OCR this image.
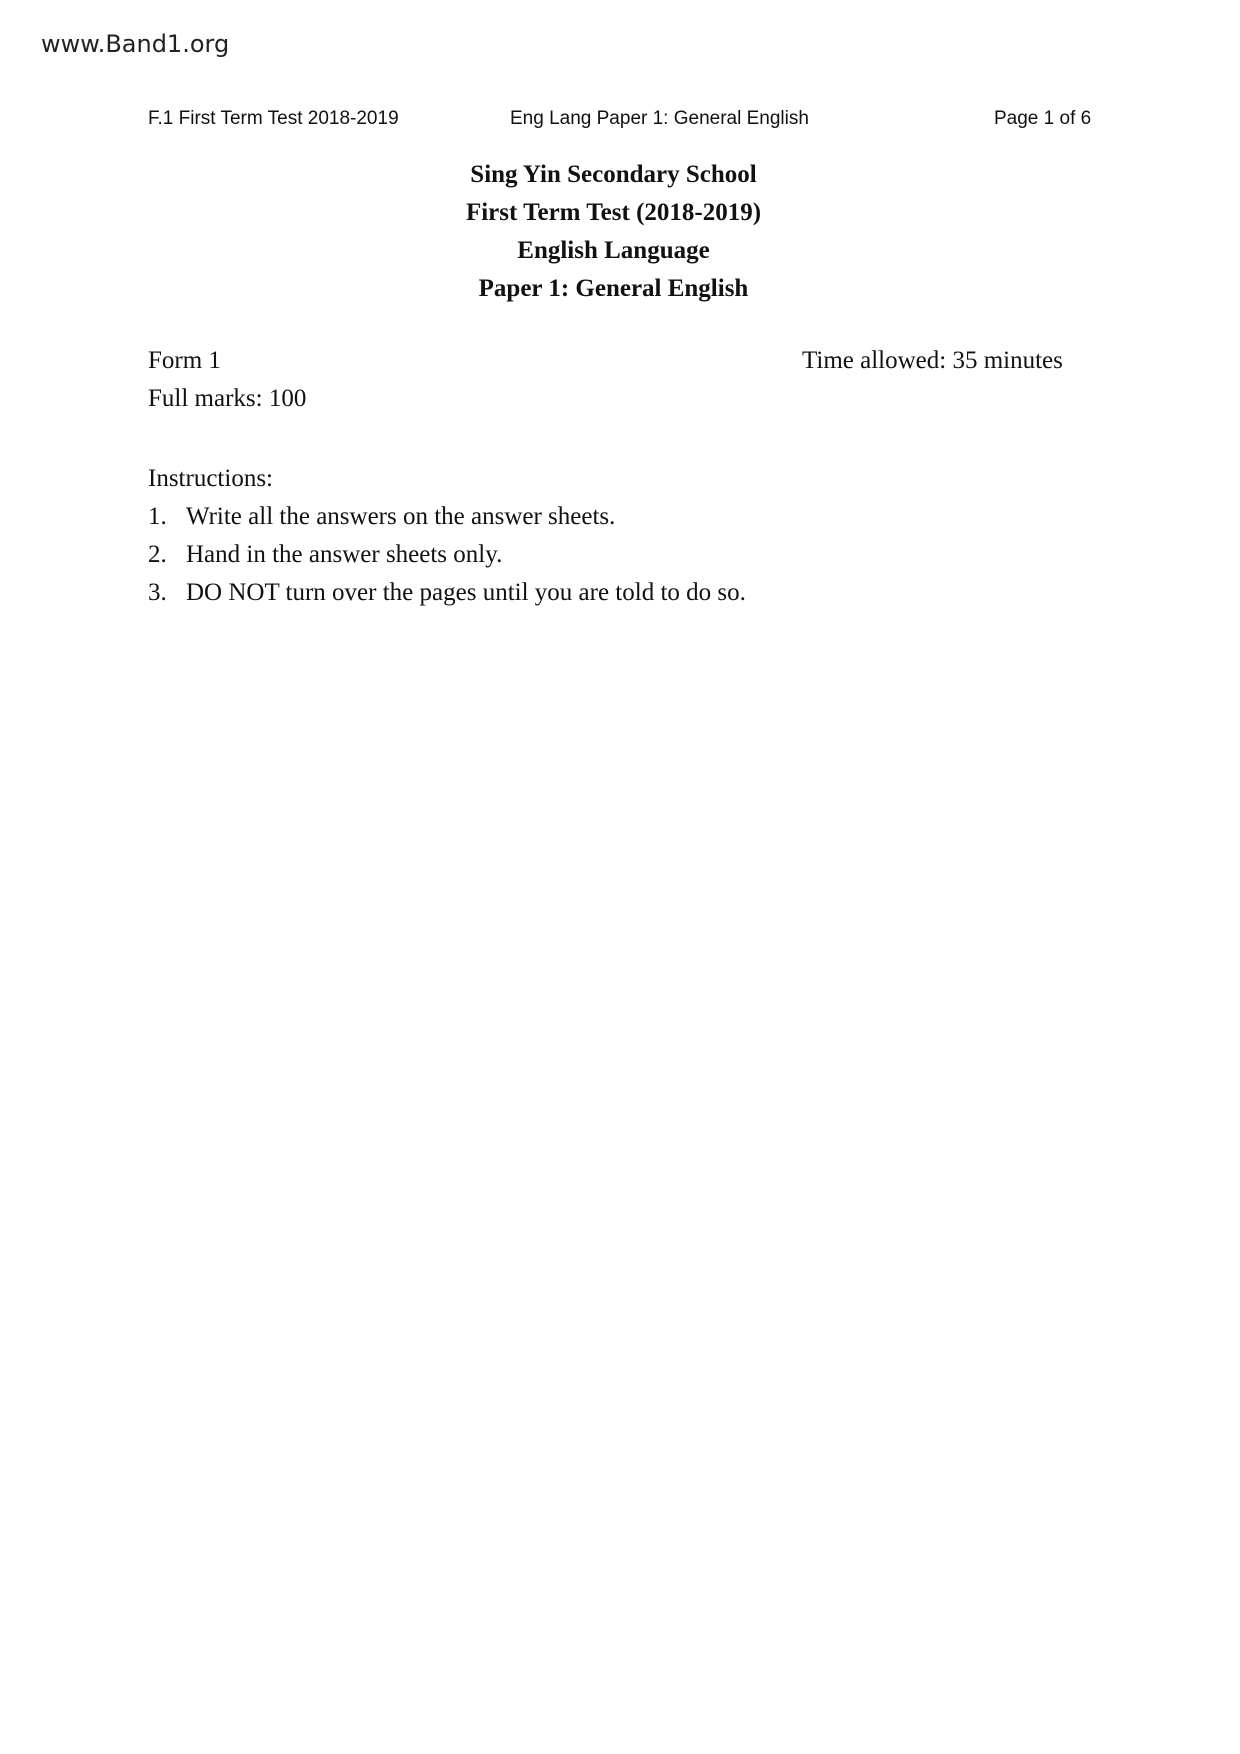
www.Band1.org
F.1 First Term Test 2018-2019	Eng Lang Paper 1: General English	Page 1 of 6
Sing Yin Secondary School
First Term Test (2018-2019)
English Language
Paper 1: General English
Form 1	Time allowed: 35 minutes
Full marks: 100
Instructions:
1. Write all the answers on the answer sheets.
2. Hand in the answer sheets only.
3. DO NOT turn over the pages until you are told to do so.
